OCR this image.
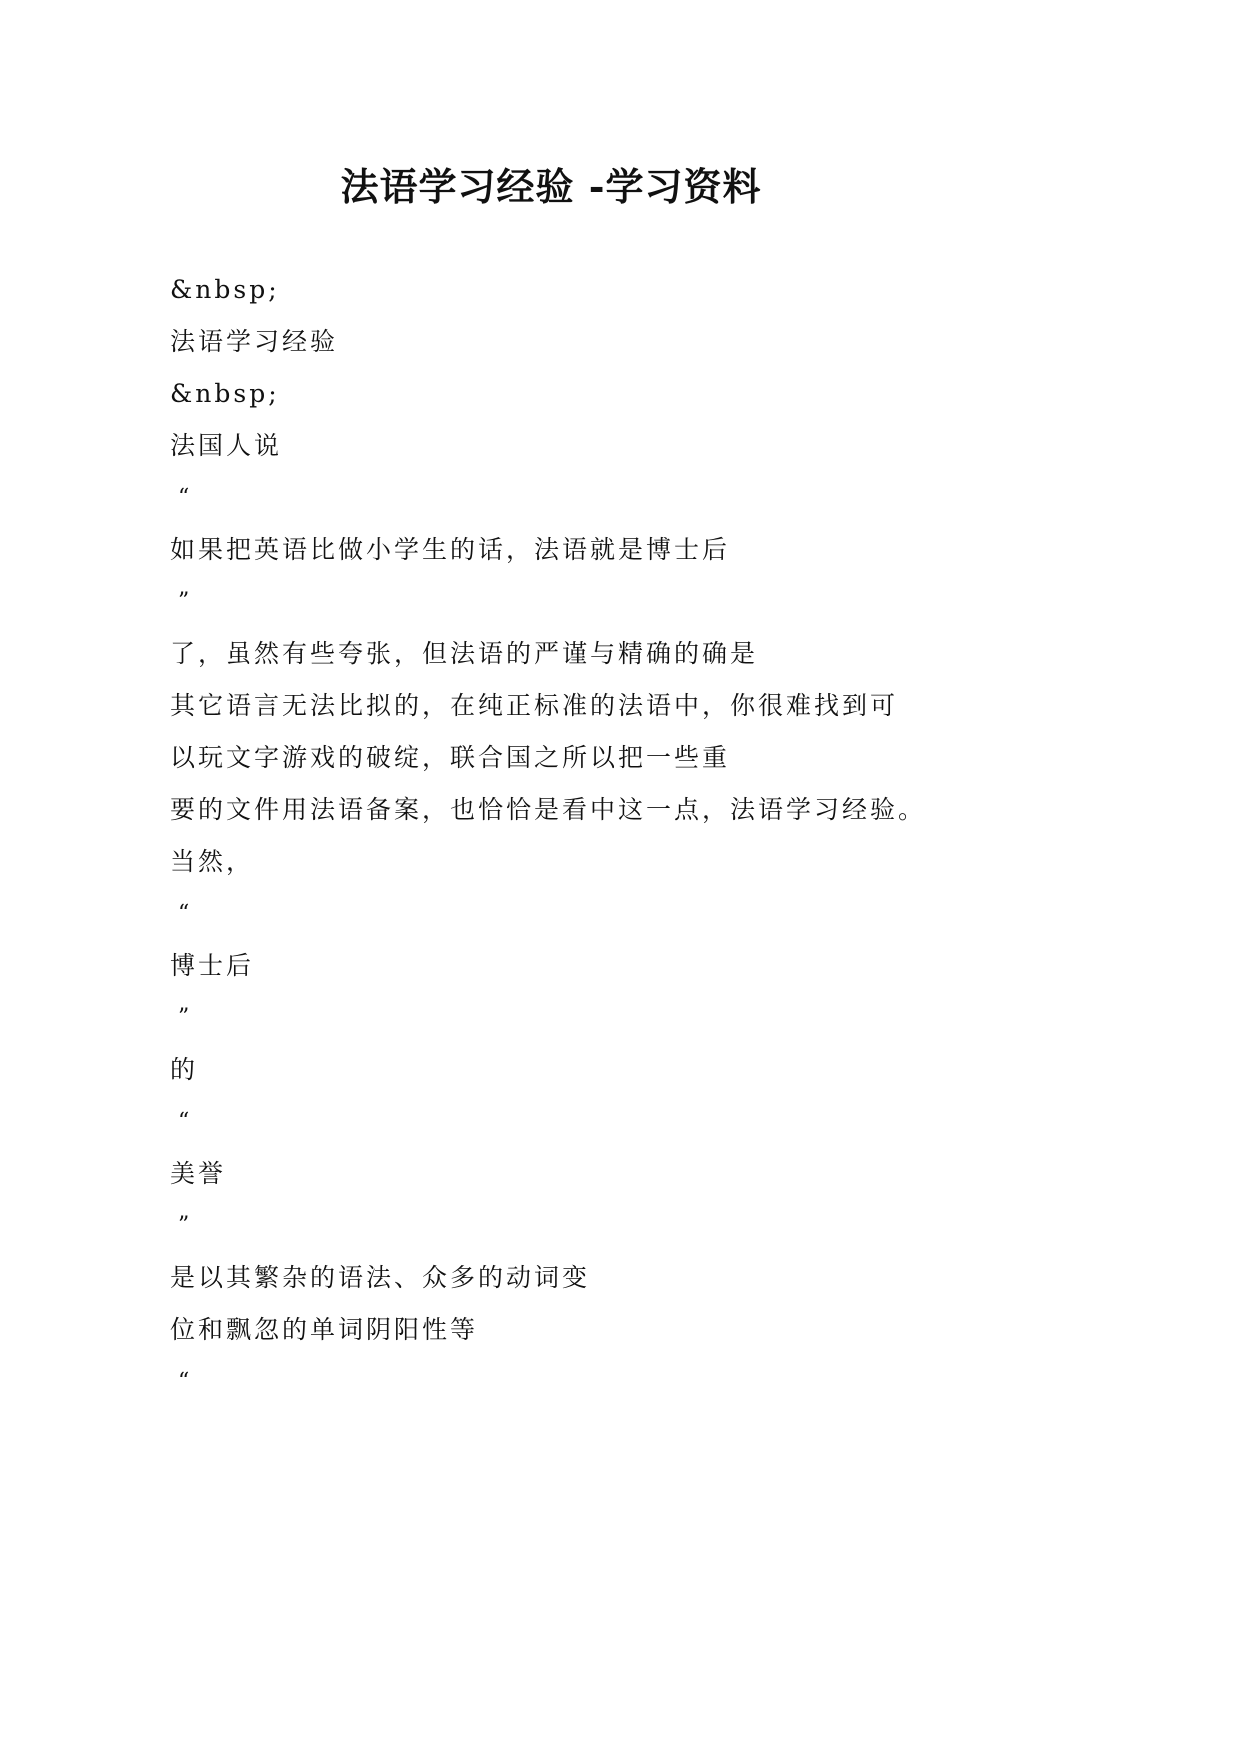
法语学习经验 -学习资料
&nbsp;
法语学习经验
&nbsp;
法国人说
“
如果把英语比做小学生的话，法语就是博士后
”
了，虽然有些夸张，但法语的严谨与精确的确是
其它语言无法比拟的，在纯正标准的法语中，你很难找到可
以玩文字游戏的破绽，联合国之所以把一些重
要的文件用法语备案，也恰恰是看中这一点，法语学习经验。
当然，
“
博士后
”
的
“
美誉
”
是以其繁杂的语法、众多的动词变
位和飘忽的单词阴阳性等
“
